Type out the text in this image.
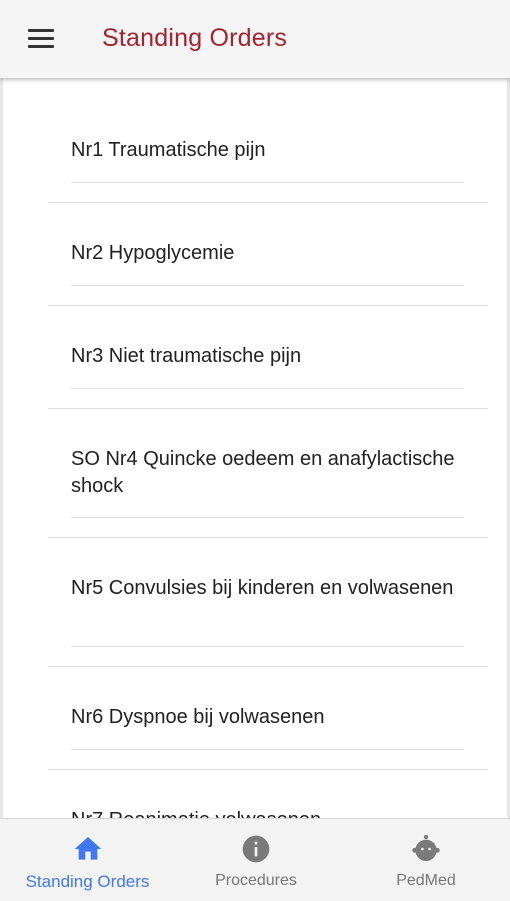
Standing Orders
Nr1 Traumatische pijn
Nr2 Hypoglycemie
Nr3 Niet traumatische pijn
SO Nr4 Quincke oedeem en anafylactische shock
Nr5 Convulsies bij kinderen en volwasenen
Nr6 Dyspnoe bij volwasenen
Standing Orders	Procedures	PedMed
